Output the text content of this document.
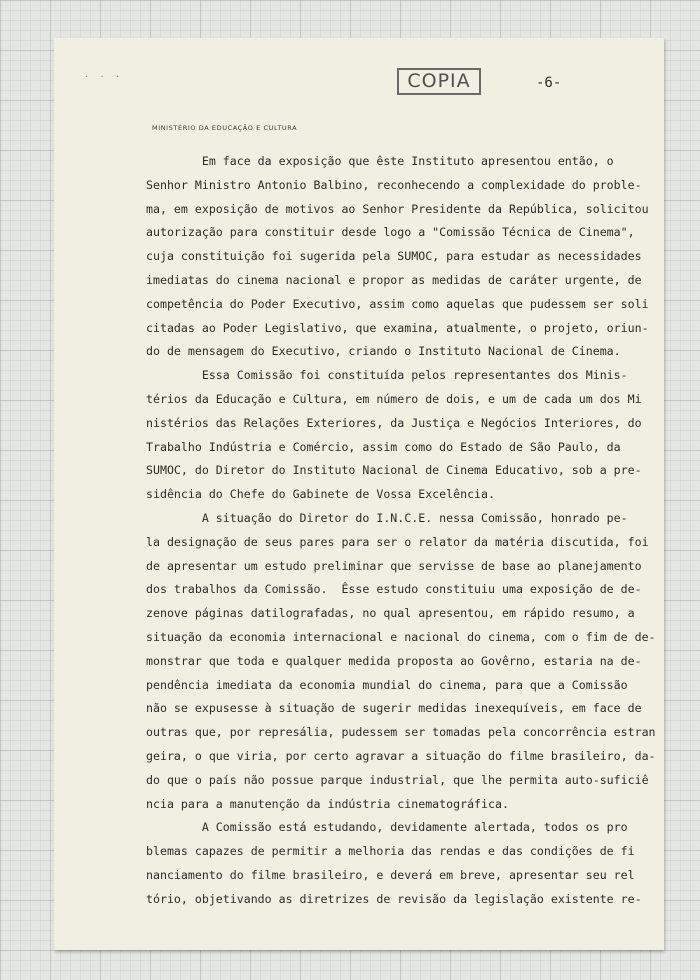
· · ·	COPIA	-6-
MINISTÉRIO DA EDUCAÇÃO E CULTURA
Em face da exposição que êste Instituto apresentou então, o
Senhor Ministro Antonio Balbino, reconhecendo a complexidade do proble-
ma, em exposição de motivos ao Senhor Presidente da República, solicitou
autorização para constituir desde logo a "Comissão Técnica de Cinema",
cuja constituição foi sugerida pela SUMOC, para estudar as necessidades
imediatas do cinema nacional e propor as medidas de caráter urgente, de
competência do Poder Executivo, assim como aquelas que pudessem ser soli
citadas ao Poder Legislativo, que examina, atualmente, o projeto, oriun-
do de mensagem do Executivo, criando o Instituto Nacional de Cinema.
Essa Comissão foi constituída pelos representantes dos Minis-
térios da Educação e Cultura, em número de dois, e um de cada um dos Mi
nistérios das Relações Exteriores, da Justiça e Negócios Interiores, do
Trabalho Indústria e Comércio, assim como do Estado de São Paulo, da
SUMOC, do Diretor do Instituto Nacional de Cinema Educativo, sob a pre-
sidência do Chefe do Gabinete de Vossa Excelência.
A situação do Diretor do I.N.C.E. nessa Comissão, honrado pe-
la designação de seus pares para ser o relator da matéria discutida, foi
de apresentar um estudo preliminar que servisse de base ao planejamento
dos trabalhos da Comissão.  Êsse estudo constituiu uma exposição de de-
zenove páginas datilografadas, no qual apresentou, em rápido resumo, a
situação da economia internacional e nacional do cinema, com o fim de de-
monstrar que toda e qualquer medida proposta ao Govêrno, estaria na de-
pendência imediata da economia mundial do cinema, para que a Comissão
não se expusesse à situação de sugerir medidas inexequíveis, em face de
outras que, por represália, pudessem ser tomadas pela concorrência estran
geira, o que viria, por certo agravar a situação do filme brasileiro, da-
do que o país não possue parque industrial, que lhe permita auto-suficiê
ncia para a manutenção da indústria cinematográfica.
A Comissão está estudando, devidamente alertada, todos os pro
blemas capazes de permitir a melhoria das rendas e das condições de fi
nanciamento do filme brasileiro, e deverá em breve, apresentar seu rel
tório, objetivando as diretrizes de revisão da legislação existente re-
